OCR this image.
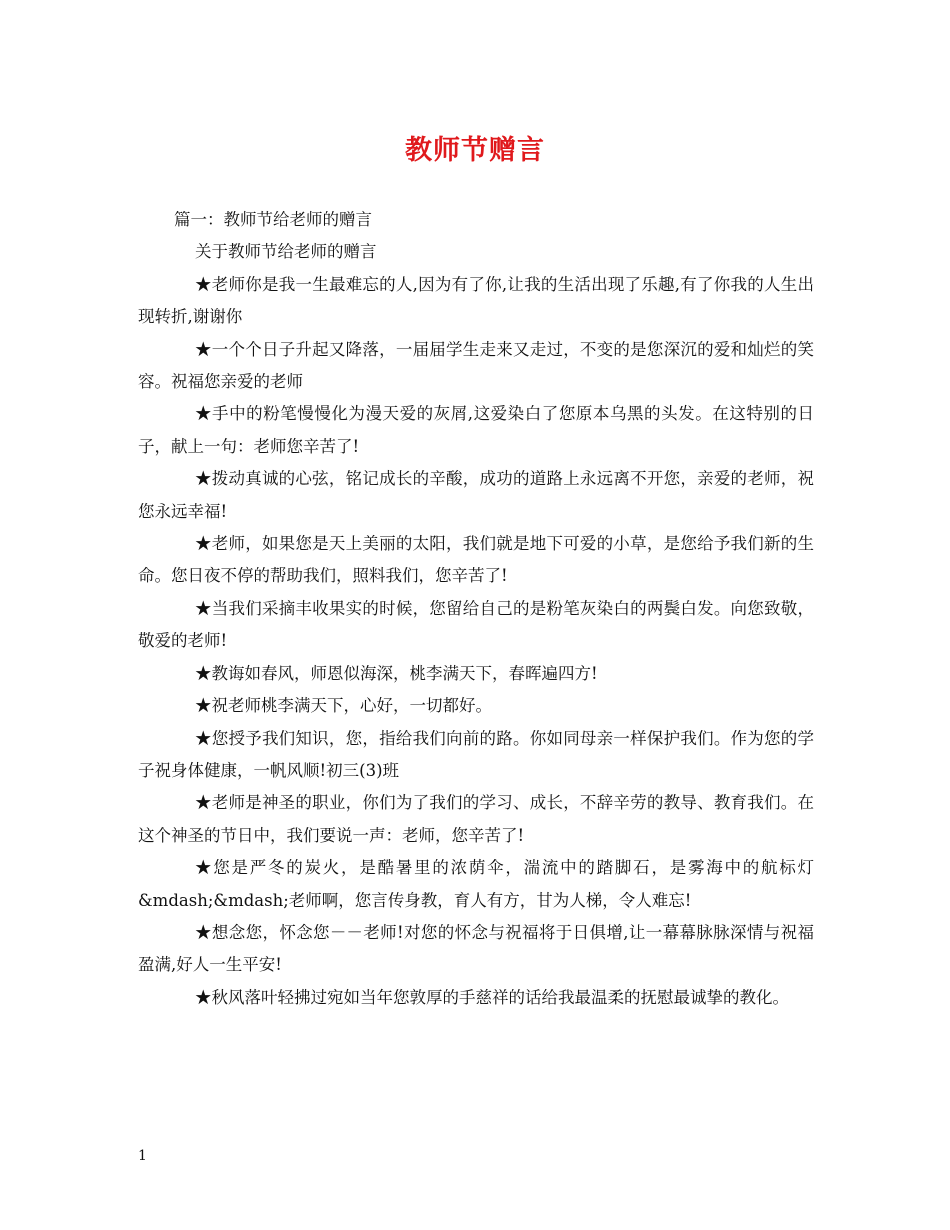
教师节赠言

篇一：教师节给老师的赠言

关于教师节给老师的赠言

★老师你是我一生最难忘的人,因为有了你,让我的生活出现了乐趣,有了你我的人生出现转折,谢谢你

★一个个日子升起又降落，一届届学生走来又走过，不变的是您深沉的爱和灿烂的笑容。祝福您亲爱的老师

★手中的粉笔慢慢化为漫天爱的灰屑,这爱染白了您原本乌黑的头发。在这特别的日子，献上一句：老师您辛苦了!

★拨动真诚的心弦，铭记成长的辛酸，成功的道路上永远离不开您，亲爱的老师，祝您永远幸福!

★老师，如果您是天上美丽的太阳，我们就是地下可爱的小草，是您给予我们新的生命。您日夜不停的帮助我们，照料我们，您辛苦了!

★当我们采摘丰收果实的时候，您留给自己的是粉笔灰染白的两鬓白发。向您致敬，敬爱的老师!

★教诲如春风，师恩似海深，桃李满天下，春晖遍四方!

★祝老师桃李满天下，心好，一切都好。

★您授予我们知识，您，指给我们向前的路。你如同母亲一样保护我们。作为您的学子祝身体健康，一帆风顺!初三(3)班

★老师是神圣的职业，你们为了我们的学习、成长，不辞辛劳的教导、教育我们。在这个神圣的节日中，我们要说一声：老师，您辛苦了!

★您是严冬的炭火，是酷暑里的浓荫伞，湍流中的踏脚石，是雾海中的航标灯&mdash;&mdash;老师啊，您言传身教，育人有方，甘为人梯，令人难忘!

★想念您，怀念您－－老师!对您的怀念与祝福将于日俱增,让一幕幕脉脉深情与祝福盈满,好人一生平安!

★秋风落叶轻拂过宛如当年您敦厚的手慈祥的话给我最温柔的抚慰最诚挚的教化。

1
